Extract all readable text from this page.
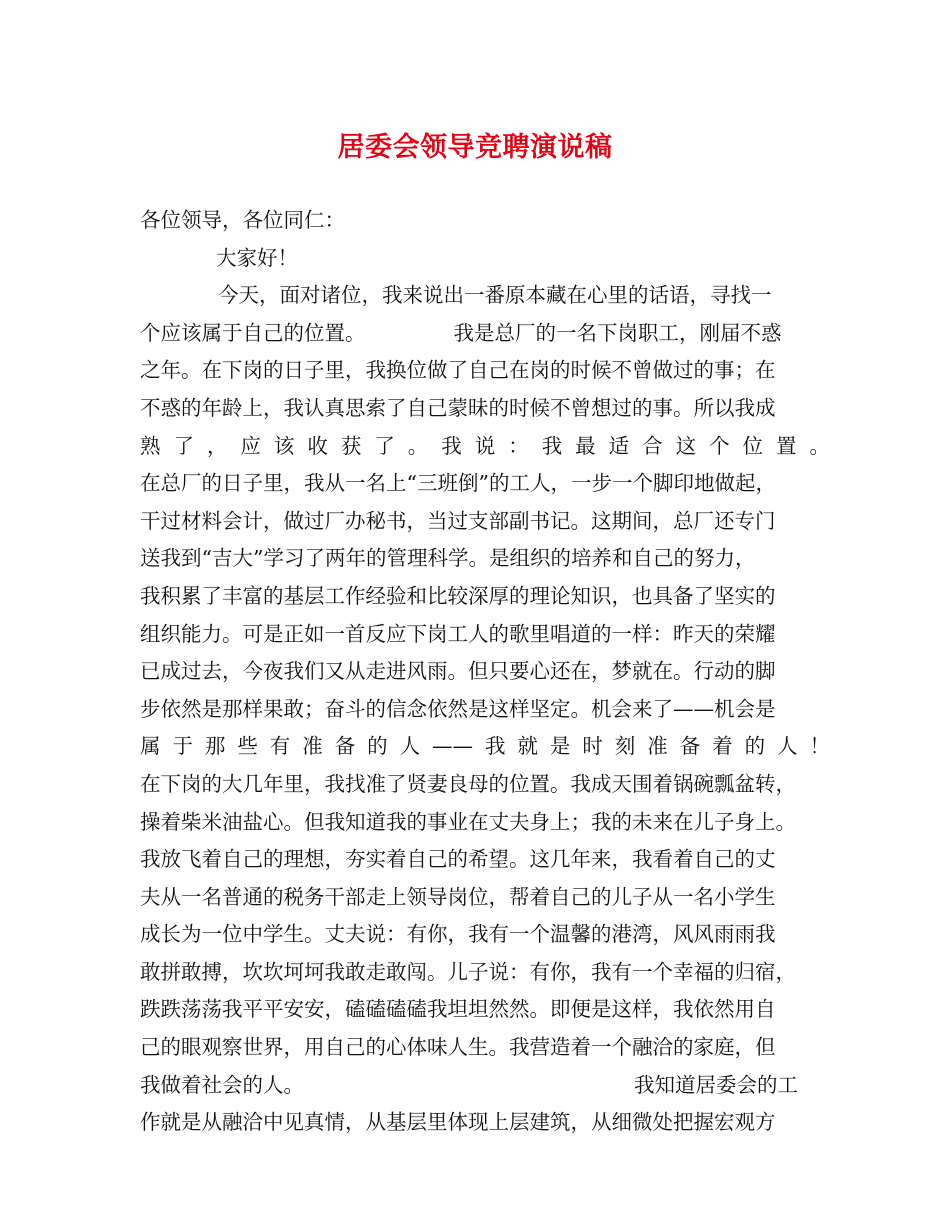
居委会领导竞聘演说稿
各位领导，各位同仁：
大家好！
今天，面对诸位，我来说出一番原本藏在心里的话语，寻找一
个应该属于自己的位置。	我是总厂的一名下岗职工，刚届不惑
之年。在下岗的日子里，我换位做了自己在岗的时候不曾做过的事；在
不惑的年龄上，我认真思索了自己蒙昧的时候不曾想过的事。所以我成
熟了，应该收获了。我说：我最适合这个位置。
在总厂的日子里，我从一名上“三班倒”的工人，一步一个脚印地做起，
干过材料会计，做过厂办秘书，当过支部副书记。这期间，总厂还专门
送我到“吉大”学习了两年的管理科学。是组织的培养和自己的努力，
我积累了丰富的基层工作经验和比较深厚的理论知识，也具备了坚实的
组织能力。可是正如一首反应下岗工人的歌里唱道的一样：昨天的荣耀
已成过去，今夜我们又从走进风雨。但只要心还在，梦就在。行动的脚
步依然是那样果敢；奋斗的信念依然是这样坚定。机会来了——机会是
属于那些有准备的人——我就是时刻准备着的人！
在下岗的大几年里，我找准了贤妻良母的位置。我成天围着锅碗瓢盆转，
操着柴米油盐心。但我知道我的事业在丈夫身上；我的未来在儿子身上。
我放飞着自己的理想，夯实着自己的希望。这几年来，我看着自己的丈
夫从一名普通的税务干部走上领导岗位，帮着自己的儿子从一名小学生
成长为一位中学生。丈夫说：有你，我有一个温馨的港湾，风风雨雨我
敢拼敢搏，坎坎坷坷我敢走敢闯。儿子说：有你，我有一个幸福的归宿，
跌跌荡荡我平平安安，磕磕磕磕我坦坦然然。即便是这样，我依然用自
己的眼观察世界，用自己的心体味人生。我营造着一个融洽的家庭，但
我做着社会的人。	我知道居委会的工
作就是从融洽中见真情，从基层里体现上层建筑，从细微处把握宏观方
